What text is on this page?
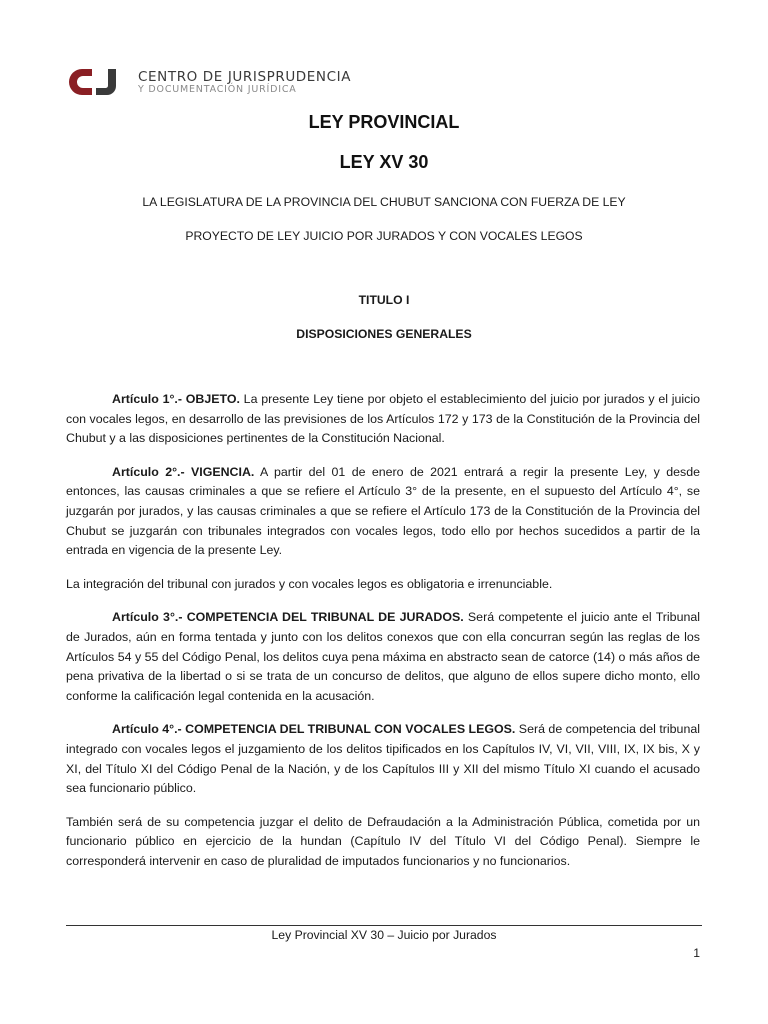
CENTRO DE JURISPRUDENCIA
Y DOCUMENTACIÓN JURÍDICA
LEY PROVINCIAL
LEY XV 30
LA LEGISLATURA DE LA PROVINCIA DEL CHUBUT SANCIONA CON FUERZA DE LEY
PROYECTO DE LEY JUICIO POR JURADOS Y CON VOCALES LEGOS
TITULO I
DISPOSICIONES GENERALES

Artículo 1°.- OBJETO. La presente Ley tiene por objeto el establecimiento del juicio por jurados y el juicio con vocales legos, en desarrollo de las previsiones de los Artículos 172 y 173 de la Constitución de la Provincia del Chubut y a las disposiciones pertinentes de la Constitución Nacional.

Artículo 2°.- VIGENCIA. A partir del 01 de enero de 2021 entrará a regir la presente Ley, y desde entonces, las causas criminales a que se refiere el Artículo 3° de la presente, en el supuesto del Artículo 4°, se juzgarán por jurados, y las causas criminales a que se refiere el Artículo 173 de la Constitución de la Provincia del Chubut se juzgarán con tribunales integrados con vocales legos, todo ello por hechos sucedidos a partir de la entrada en vigencia de la presente Ley.

La integración del tribunal con jurados y con vocales legos es obligatoria e irrenunciable.

Artículo 3°.- COMPETENCIA DEL TRIBUNAL DE JURADOS. Será competente el juicio ante el Tribunal de Jurados, aún en forma tentada y junto con los delitos conexos que con ella concurran según las reglas de los Artículos 54 y 55 del Código Penal, los delitos cuya pena máxima en abstracto sean de catorce (14) o más años de pena privativa de la libertad o si se trata de un concurso de delitos, que alguno de ellos supere dicho monto, ello conforme la calificación legal contenida en la acusación.

Artículo 4°.- COMPETENCIA DEL TRIBUNAL CON VOCALES LEGOS. Será de competencia del tribunal integrado con vocales legos el juzgamiento de los delitos tipificados en los Capítulos IV, VI, VII, VIII, IX, IX bis, X y XI, del Título XI del Código Penal de la Nación, y de los Capítulos III y XII del mismo Título XI cuando el acusado sea funcionario público.

También será de su competencia juzgar el delito de Defraudación a la Administración Pública, cometida por un funcionario público en ejercicio de la hundan (Capítulo IV del Título VI del Código Penal). Siempre le corresponderá intervenir en caso de pluralidad de imputados funcionarios y no funcionarios.

Ley Provincial XV 30 – Juicio por Jurados
1
